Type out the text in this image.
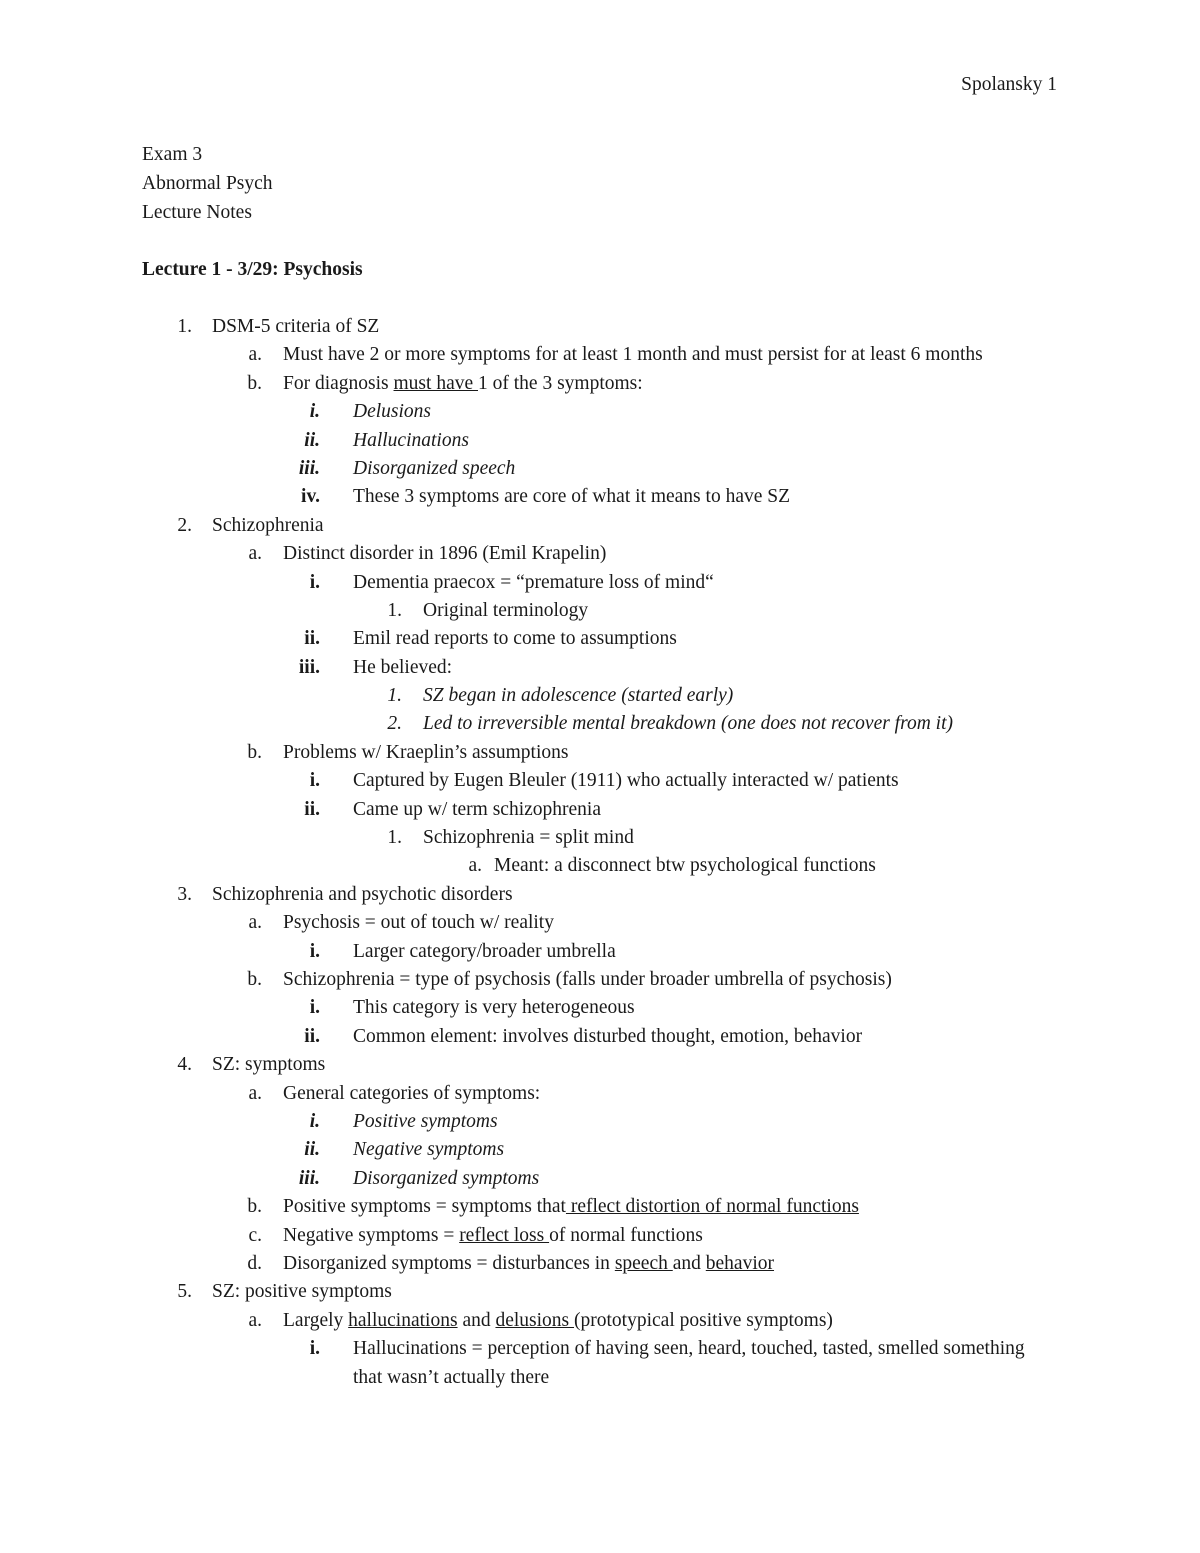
Spolansky 1
Exam 3
Abnormal Psych
Lecture Notes
Lecture 1 - 3/29: Psychosis
1. DSM-5 criteria of SZ
a. Must have 2 or more symptoms for at least 1 month and must persist for at least 6 months
b. For diagnosis must have 1 of the 3 symptoms:
i. Delusions
ii. Hallucinations
iii. Disorganized speech
iv. These 3 symptoms are core of what it means to have SZ
2. Schizophrenia
a. Distinct disorder in 1896 (Emil Krapelin)
i. Dementia praecox = “premature loss of mind“
1. Original terminology
ii. Emil read reports to come to assumptions
iii. He believed:
1. SZ began in adolescence (started early)
2. Led to irreversible mental breakdown (one does not recover from it)
b. Problems w/ Kraeplin’s assumptions
i. Captured by Eugen Bleuler (1911) who actually interacted w/ patients
ii. Came up w/ term schizophrenia
1. Schizophrenia = split mind
a. Meant: a disconnect btw psychological functions
3. Schizophrenia and psychotic disorders
a. Psychosis = out of touch w/ reality
i. Larger category/broader umbrella
b. Schizophrenia = type of psychosis (falls under broader umbrella of psychosis)
i. This category is very heterogeneous
ii. Common element: involves disturbed thought, emotion, behavior
4. SZ: symptoms
a. General categories of symptoms:
i. Positive symptoms
ii. Negative symptoms
iii. Disorganized symptoms
b. Positive symptoms = symptoms that reflect distortion of normal functions
c. Negative symptoms = reflect loss of normal functions
d. Disorganized symptoms = disturbances in speech and behavior
5. SZ: positive symptoms
a. Largely hallucinations and delusions (prototypical positive symptoms)
i. Hallucinations = perception of having seen, heard, touched, tasted, smelled something that wasn’t actually there
